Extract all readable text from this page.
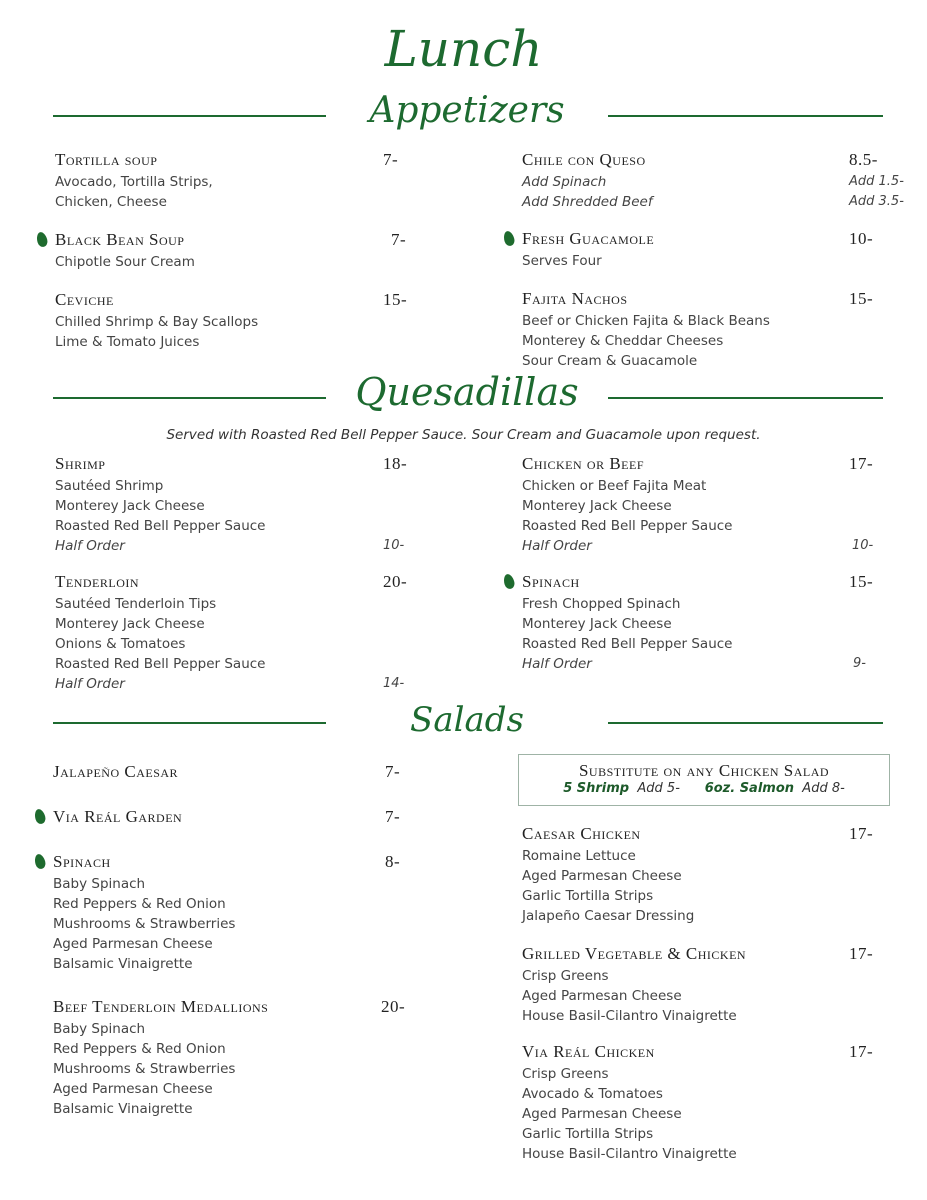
Lunch
Appetizers
Quesadillas
Served with Roasted Red Bell Pepper Sauce. Sour Cream and Guacamole upon request.
Salads
Substitute on any Chicken Salad
5 Shrimp Add 5- 6oz. Salmon Add 8-
Tortilla soup	7-
Avocado, Tortilla Strips,
Chicken, Cheese
Black Bean Soup	7-
Chipotle Sour Cream
Ceviche	15-
Chilled Shrimp & Bay Scallops
Lime & Tomato Juices
Chile con Queso	8.5-
Add Spinach	Add 1.5-
Add Shredded Beef	Add 3.5-
Fresh Guacamole	10-
Serves Four
Fajita Nachos	15-
Beef or Chicken Fajita & Black Beans
Monterey & Cheddar Cheeses
Sour Cream & Guacamole
Shrimp	18-
Sautéed Shrimp
Monterey Jack Cheese
Roasted Red Bell Pepper Sauce
Half Order	10-
Tenderloin	20-
Sautéed Tenderloin Tips
Monterey Jack Cheese
Onions & Tomatoes
Roasted Red Bell Pepper Sauce
Half Order	14-
Chicken or Beef	17-
Chicken or Beef Fajita Meat
Monterey Jack Cheese
Roasted Red Bell Pepper Sauce
Half Order	10-
Spinach	15-
Fresh Chopped Spinach
Monterey Jack Cheese
Roasted Red Bell Pepper Sauce
Half Order	9-
Jalapeño Caesar	7-
Via Reál Garden	7-
Spinach	8-
Baby Spinach
Red Peppers & Red Onion
Mushrooms & Strawberries
Aged Parmesan Cheese
Balsamic Vinaigrette
Beef Tenderloin Medallions	20-
Baby Spinach
Red Peppers & Red Onion
Mushrooms & Strawberries
Aged Parmesan Cheese
Balsamic Vinaigrette
Caesar Chicken	17-
Romaine Lettuce
Aged Parmesan Cheese
Garlic Tortilla Strips
Jalapeño Caesar Dressing
Grilled Vegetable & Chicken	17-
Crisp Greens
Aged Parmesan Cheese
House Basil-Cilantro Vinaigrette
Via Reál Chicken	17-
Crisp Greens
Avocado & Tomatoes
Aged Parmesan Cheese
Garlic Tortilla Strips
House Basil-Cilantro Vinaigrette
